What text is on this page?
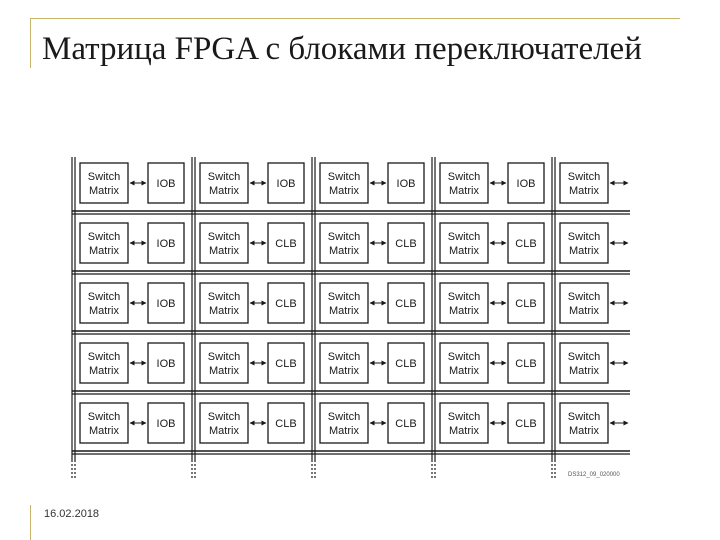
Матрица FPGA с блоками переключателей
16.02.2018
Switch
Matrix
IOB
Switch
Matrix
IOB
Switch
Matrix
IOB
Switch
Matrix
IOB
Switch
Matrix
Switch
Matrix
IOB
Switch
Matrix
CLB
Switch
Matrix
CLB
Switch
Matrix
CLB
Switch
Matrix
Switch
Matrix
IOB
Switch
Matrix
CLB
Switch
Matrix
CLB
Switch
Matrix
CLB
Switch
Matrix
Switch
Matrix
IOB
Switch
Matrix
CLB
Switch
Matrix
CLB
Switch
Matrix
CLB
Switch
Matrix
Switch
Matrix
IOB
Switch
Matrix
CLB
Switch
Matrix
CLB
Switch
Matrix
CLB
Switch
Matrix
DS312_09_020000
